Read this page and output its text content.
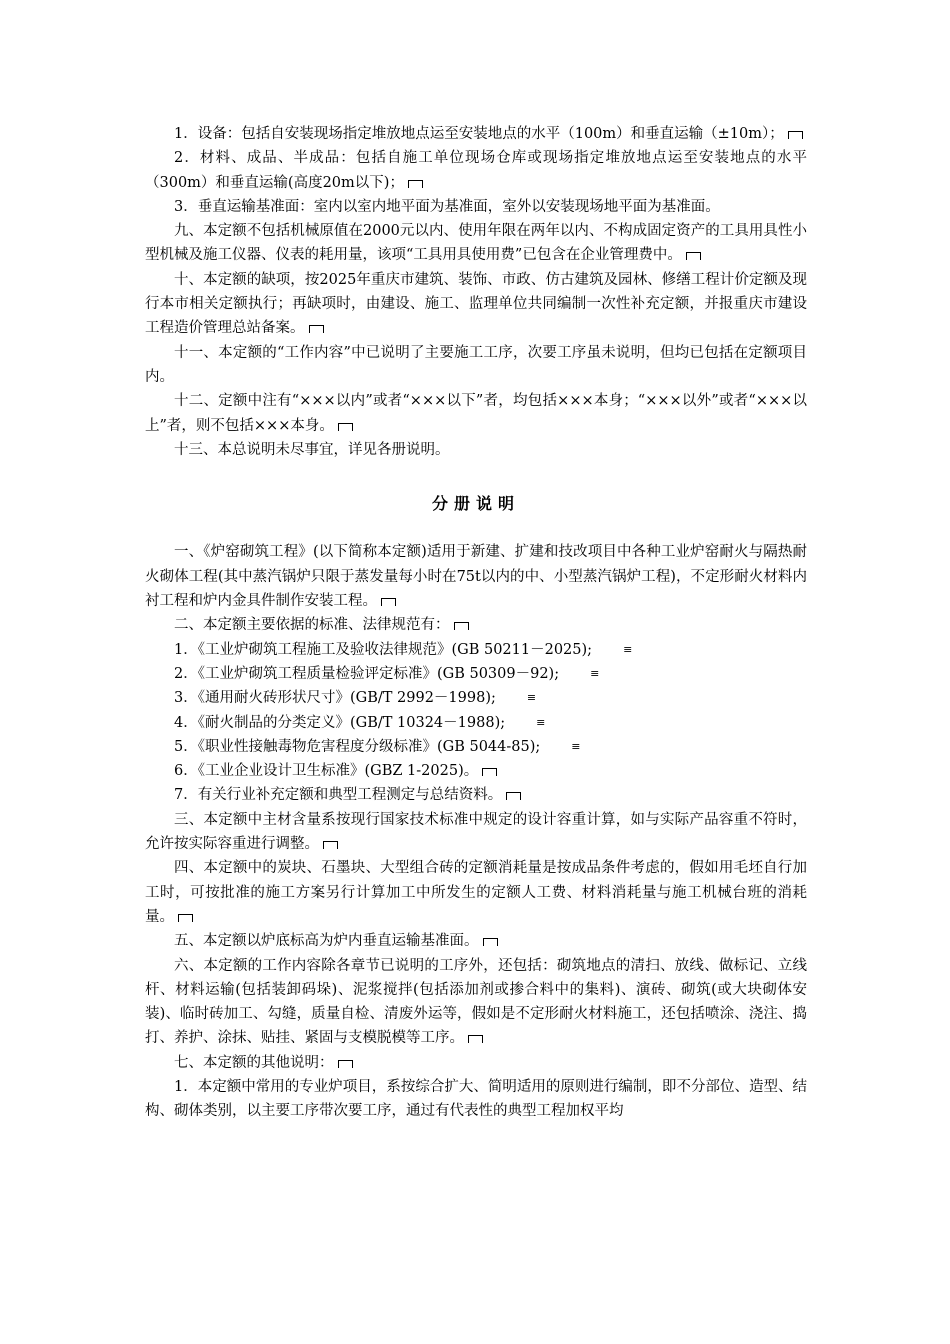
1．设备：包括自安装现场指定堆放地点运至安装地点的水平（100m）和垂直运输（±10m）；

2．材料、成品、半成品：包括自施工单位现场仓库或现场指定堆放地点运至安装地点的水平（300m）和垂直运输(高度20m以下)；

3．垂直运输基准面：室内以室内地平面为基准面，室外以安装现场地平面为基准面。

九、本定额不包括机械原值在2000元以内、使用年限在两年以内、不构成固定资产的工具用具性小型机械及施工仪器、仪表的耗用量，该项“工具用具使用费”已包含在企业管理费中。

十、本定额的缺项，按2025年重庆市建筑、装饰、市政、仿古建筑及园林、修缮工程计价定额及现行本市相关定额执行；再缺项时，由建设、施工、监理单位共同编制一次性补充定额，并报重庆市建设工程造价管理总站备案。

十一、本定额的“工作内容”中已说明了主要施工工序，次要工序虽未说明，但均已包括在定额项目内。

十二、定额中注有“×××以内”或者“×××以下”者，均包括×××本身；“×××以外”或者“×××以上”者，则不包括×××本身。

十三、本总说明未尽事宜，详见各册说明。

分册说明

一、《炉窑砌筑工程》(以下简称本定额)适用于新建、扩建和技改项目中各种工业炉窑耐火与隔热耐火砌体工程(其中蒸汽锅炉只限于蒸发量每小时在75t以内的中、小型蒸汽锅炉工程)，不定形耐火材料内衬工程和炉内金具件制作安装工程。

二、本定额主要依据的标准、法律规范有：

1．《工业炉砌筑工程施工及验收法律规范》(GB 50211－2025);	≡

2．《工业炉砌筑工程质量检验评定标准》(GB 50309－92);	≡

3．《通用耐火砖形状尺寸》(GB/T 2992－1998);	≡

4．《耐火制品的分类定义》(GB/T 10324－1988);	≡

5．《职业性接触毒物危害程度分级标准》(GB 5044-85);	≡

6．《工业企业设计卫生标准》(GBZ 1-2025)。

7．有关行业补充定额和典型工程测定与总结资料。

三、本定额中主材含量系按现行国家技术标准中规定的设计容重计算，如与实际产品容重不符时，允许按实际容重进行调整。

四、本定额中的炭块、石墨块、大型组合砖的定额消耗量是按成品条件考虑的，假如用毛坯自行加工时，可按批准的施工方案另行计算加工中所发生的定额人工费、材料消耗量与施工机械台班的消耗量。

五、本定额以炉底标高为炉内垂直运输基准面。

六、本定额的工作内容除各章节已说明的工序外，还包括：砌筑地点的清扫、放线、做标记、立线杆、材料运输(包括装卸码垛)、泥浆搅拌(包括添加剂或掺合料中的集料)、演砖、砌筑(或大块砌体安装)、临时砖加工、勾缝，质量自检、清废外运等，假如是不定形耐火材料施工，还包括喷涂、浇注、捣打、养护、涂抹、贴挂、紧固与支模脱模等工序。

七、本定额的其他说明：

1．本定额中常用的专业炉项目，系按综合扩大、简明适用的原则进行编制，即不分部位、造型、结构、砌体类别，以主要工序带次要工序，通过有代表性的典型工程加权平均
